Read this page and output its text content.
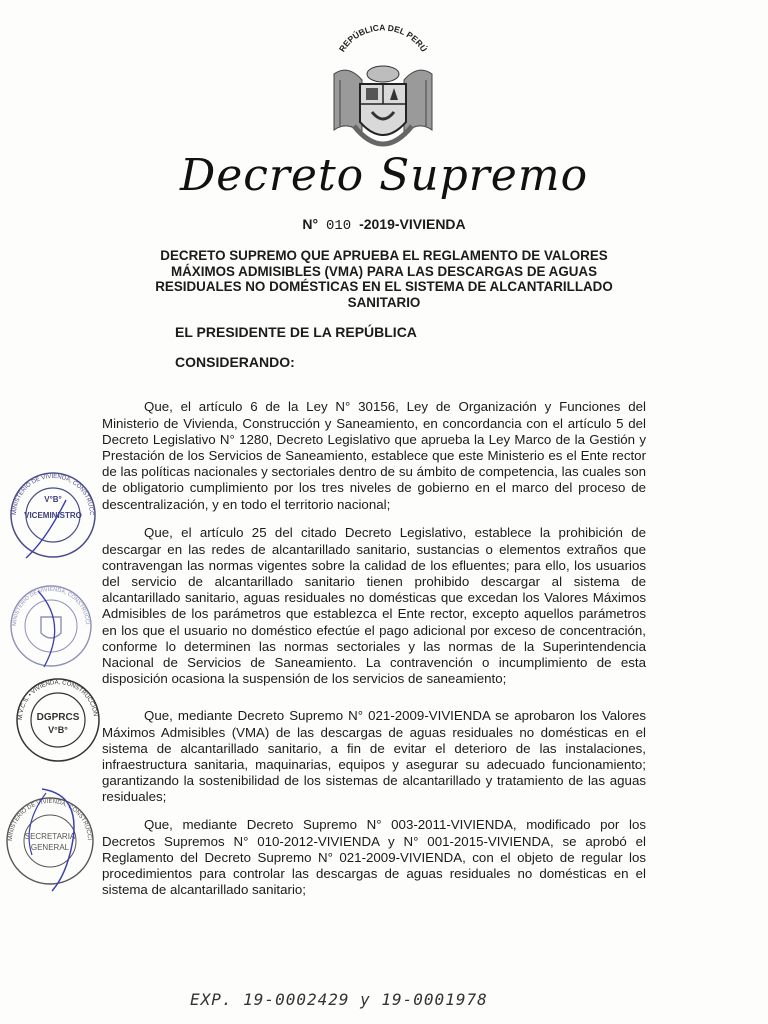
REPÚBLICA DEL PERÚ
Decreto Supremo
N° 010 -2019-VIVIENDA
DECRETO SUPREMO QUE APRUEBA EL REGLAMENTO DE VALORES
MÁXIMOS ADMISIBLES (VMA) PARA LAS DESCARGAS DE AGUAS
RESIDUALES NO DOMÉSTICAS EN EL SISTEMA DE ALCANTARILLADO
SANITARIO
EL PRESIDENTE DE LA REPÚBLICA
CONSIDERANDO:

Que, el artículo 6 de la Ley N° 30156, Ley de Organización y Funciones del Ministerio de Vivienda, Construcción y Saneamiento, en concordancia con el artículo 5 del Decreto Legislativo N° 1280, Decreto Legislativo que aprueba la Ley Marco de la Gestión y Prestación de los Servicios de Saneamiento, establece que este Ministerio es el Ente rector de las políticas nacionales y sectoriales dentro de su ámbito de competencia, las cuales son de obligatorio cumplimiento por los tres niveles de gobierno en el marco del proceso de descentralización, y en todo el territorio nacional;

Que, el artículo 25 del citado Decreto Legislativo, establece la prohibición de descargar en las redes de alcantarillado sanitario, sustancias o elementos extraños que contravengan las normas vigentes sobre la calidad de los efluentes; para ello, los usuarios del servicio de alcantarillado sanitario tienen prohibido descargar al sistema de alcantarillado sanitario, aguas residuales no domésticas que excedan los Valores Máximos Admisibles de los parámetros que establezca el Ente rector, excepto aquellos parámetros en los que el usuario no doméstico efectúe el pago adicional por exceso de concentración, conforme lo determinen las normas sectoriales y las normas de la Superintendencia Nacional de Servicios de Saneamiento. La contravención o incumplimiento de esta disposición ocasiona la suspensión de los servicios de saneamiento;

Que, mediante Decreto Supremo N° 021-2009-VIVIENDA se aprobaron los Valores Máximos Admisibles (VMA) de las descargas de aguas residuales no domésticas en el sistema de alcantarillado sanitario, a fin de evitar el deterioro de las instalaciones, infraestructura sanitaria, maquinarias, equipos y asegurar su adecuado funcionamiento; garantizando la sostenibilidad de los sistemas de alcantarillado y tratamiento de las aguas residuales;

Que, mediante Decreto Supremo N° 003-2011-VIVIENDA, modificado por los Decretos Supremos N° 010-2012-VIVIENDA y N° 001-2015-VIVIENDA, se aprobó el Reglamento del Decreto Supremo N° 021-2009-VIVIENDA, con el objeto de regular los procedimientos para controlar las descargas de aguas residuales no domésticas en el sistema de alcantarillado sanitario;

MINISTERIO DE VIVIENDA, CONSTRUCC
V°B°
VICEMINISTRO
MINISTERIO DE VIVIENDA, CONSTRUCCI
M.V.C.S. • VIVIENDA, CONSTRUCCIÓN
DGPRCS
V°B°
MINISTERIO DE VIVIENDA, CONSTRUCCI
SECRETARIA
GENERAL
EXP. 19-0002429 y 19-0001978
